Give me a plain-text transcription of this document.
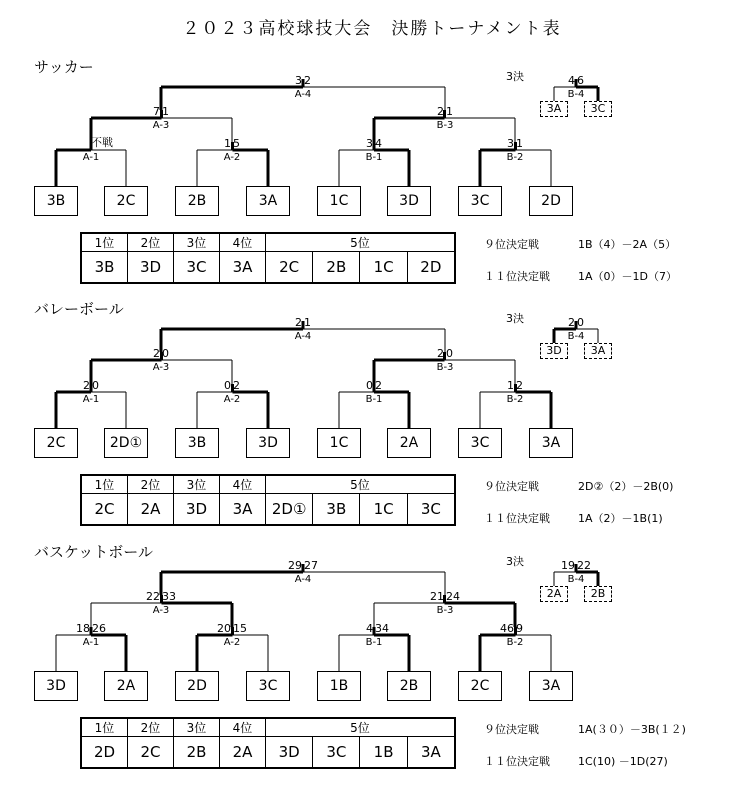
２０２３高校球技大会　決勝トーナメント表
サッカー
A-1
1 5
A-2
3 4
B-1
3 1
B-2
不戦
7 1
A-3
2 1
B-3
3 2
A-4
4 6
B-4
3決
3A	3C
3B	2C	2B	3A	1C	3D	3C	2D
1位	2位	3位	4位	5位			
3B	3D	3C	3A	2C	2B	1C	2D
９位決定戦	1B（4）－2A（5）
１１位決定戦	1A（0）－1D（7）
バレーボール
2 0
A-1
0 2
A-2
0 2
B-1
1 2
B-2
2 0
A-3
2 0
B-3
2 1
A-4
2 0
B-4
3決
3D	3A
2C	2D①	3B	3D	1C	2A	3C	3A
1位	2位	3位	4位	5位			
2C	2A	3D	3A	2D①	3B	1C	3C
９位決定戦	2D②（2）－2B(0)
１１位決定戦	1A（2）－1B(1)
バスケットボール
18 26
A-1
20 15
A-2
4 34
B-1
46 9
B-2
22 33
A-3
21 24
B-3
29 27
A-4
19 22
B-4
3決
2A	2B
3D	2A	2D	3C	1B	2B	2C	3A
1位	2位	3位	4位	5位			
2D	2C	2B	2A	3D	3C	1B	3A
９位決定戦	1A(３０）－3B(１２)
１１位決定戦	1C(10) －1D(27)
